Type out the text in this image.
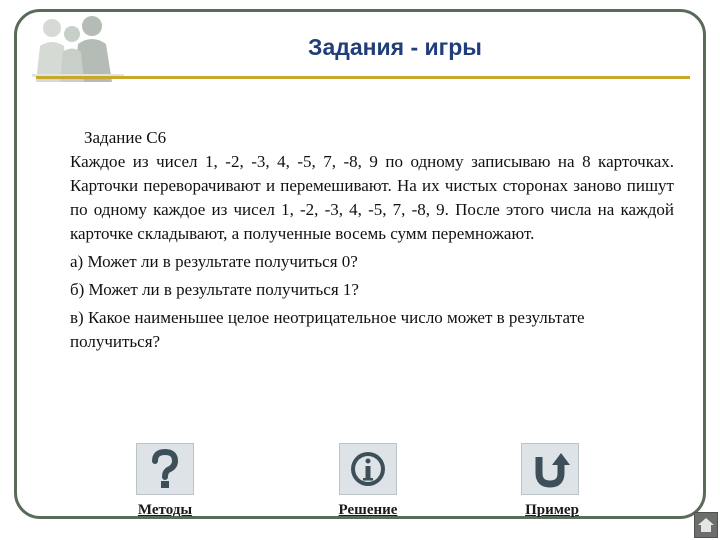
Задания - игры

Задание С6

Каждое из чисел 1, -2, -3, 4, -5, 7, -8, 9 по одному записываю на 8 карточках. Карточки переворачивают и перемешивают. На их чистых сторонах заново пишут по одному каждое из чисел 1, -2, -3, 4, -5, 7, -8, 9. После этого числа на каждой карточке складывают, а полученные восемь сумм перемножают.

а) Может ли в результате получиться 0?

б) Может ли в результате получиться 1?

в) Какое наименьшее целое неотрицательное число может в результате получиться?

Методы	Решение	Пример
